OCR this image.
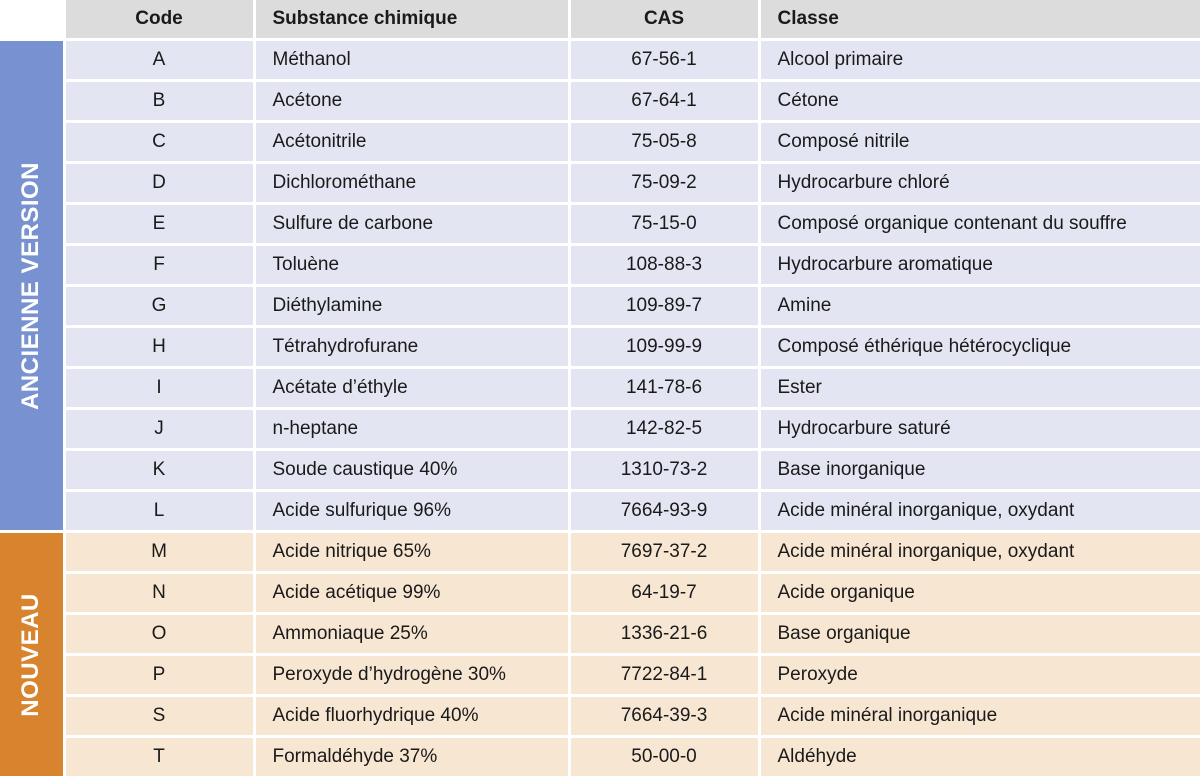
	Code	Substance chimique	CAS	Classe

ANCIENNE VERSION	A	Méthanol	67-56-1	Alcool primaire
	B	Acétone	67-64-1	Cétone
	C	Acétonitrile	75-05-8	Composé nitrile
	D	Dichlorométhane	75-09-2	Hydrocarbure chloré
	E	Sulfure de carbone	75-15-0	Composé organique contenant du souffre
	F	Toluène	108-88-3	Hydrocarbure aromatique
	G	Diéthylamine	109-89-7	Amine
	H	Tétrahydrofurane	109-99-9	Composé éthérique hétérocyclique
	I	Acétate d’éthyle	141-78-6	Ester
	J	n-heptane	142-82-5	Hydrocarbure saturé
	K	Soude caustique 40%	1310-73-2	Base inorganique
	L	Acide sulfurique 96%	7664-93-9	Acide minéral inorganique, oxydant

NOUVEAU	M	Acide nitrique 65%	7697-37-2	Acide minéral inorganique, oxydant
	N	Acide acétique 99%	64-19-7	Acide organique
	O	Ammoniaque 25%	1336-21-6	Base organique
	P	Peroxyde d’hydrogène 30%	7722-84-1	Peroxyde
	S	Acide fluorhydrique 40%	7664-39-3	Acide minéral inorganique
	T	Formaldéhyde 37%	50-00-0	Aldéhyde
